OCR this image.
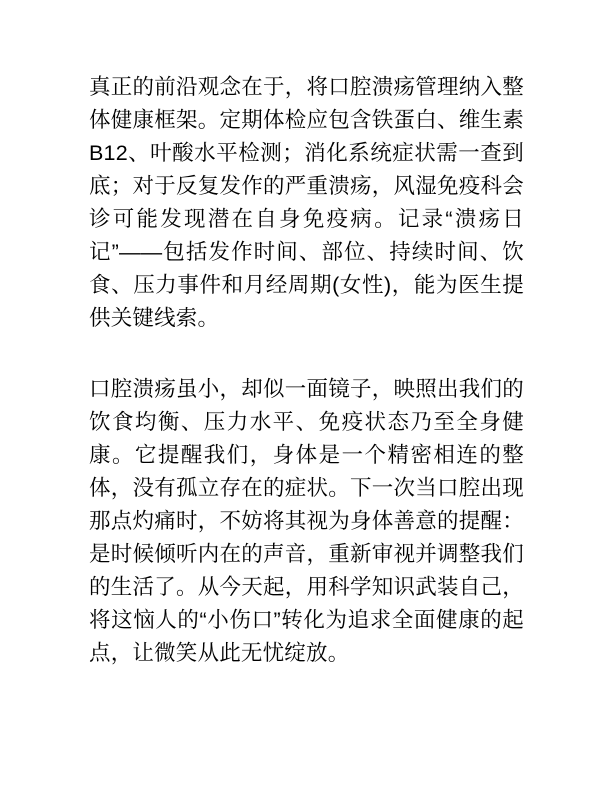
真正的前沿观念在于，将口腔溃疡管理纳入整体健康框架。定期体检应包含铁蛋白、维生素 B12、叶酸水平检测；消化系统症状需一查到底；对于反复发作的严重溃疡，风湿免疫科会诊可能发现潜在自身免疫病。记录“溃疡日记”——包括发作时间、部位、持续时间、饮食、压力事件和月经周期(女性)，能为医生提供关键线索。

口腔溃疡虽小，却似一面镜子，映照出我们的饮食均衡、压力水平、免疫状态乃至全身健康。它提醒我们，身体是一个精密相连的整体，没有孤立存在的症状。下一次当口腔出现那点灼痛时，不妨将其视为身体善意的提醒：是时候倾听内在的声音，重新审视并调整我们的生活了。从今天起，用科学知识武装自己，将这恼人的“小伤口”转化为追求全面健康的起点，让微笑从此无忧绽放。
